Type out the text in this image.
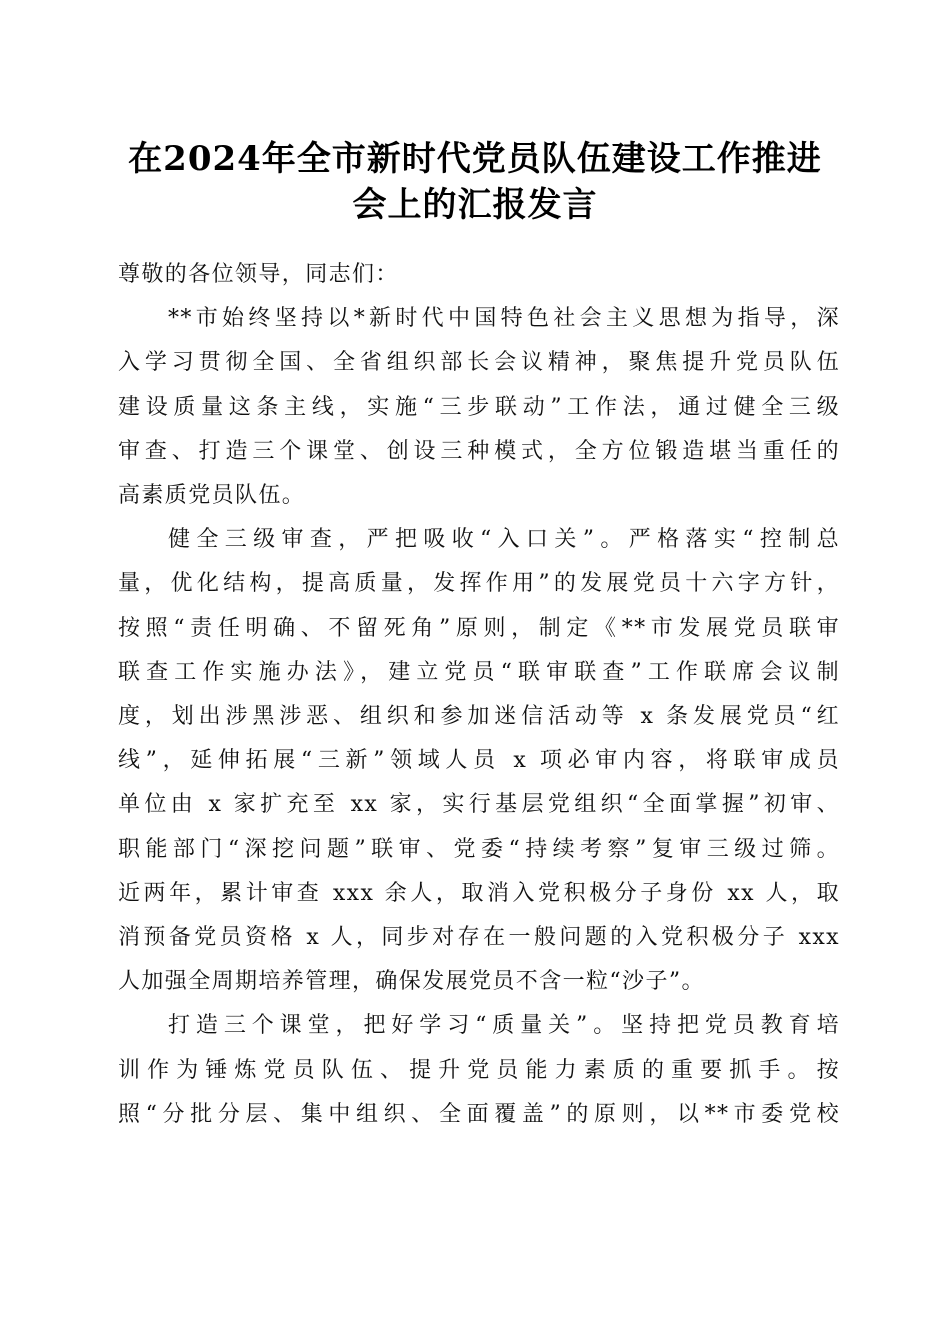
在2024年全市新时代党员队伍建设工作推进
会上的汇报发言

尊敬的各位领导，同志们：

**市始终坚持以*新时代中国特色社会主义思想为指导，深
入学习贯彻全国、全省组织部长会议精神，聚焦提升党员队伍
建设质量这条主线，实施“三步联动”工作法，通过健全三级
审查、打造三个课堂、创设三种模式，全方位锻造堪当重任的
高素质党员队伍。

健全三级审查，严把吸收“入口关”。严格落实“控制总
量，优化结构，提高质量，发挥作用”的发展党员十六字方针，
按照“责任明确、不留死角”原则，制定《**市发展党员联审
联查工作实施办法》，建立党员“联审联查”工作联席会议制
度，划出涉黑涉恶、组织和参加迷信活动等 x 条发展党员“红
线”，延伸拓展“三新”领域人员 x 项必审内容，将联审成员
单位由 x 家扩充至 xx 家，实行基层党组织“全面掌握”初审、
职能部门“深挖问题”联审、党委“持续考察”复审三级过筛。
近两年，累计审查 xxx 余人，取消入党积极分子身份 xx 人，取
消预备党员资格 x 人，同步对存在一般问题的入党积极分子 xxx
人加强全周期培养管理，确保发展党员不含一粒“沙子”。

打造三个课堂，把好学习“质量关”。坚持把党员教育培
训作为锤炼党员队伍、提升党员能力素质的重要抓手。按
照“分批分层、集中组织、全面覆盖”的原则，以**市委党校
